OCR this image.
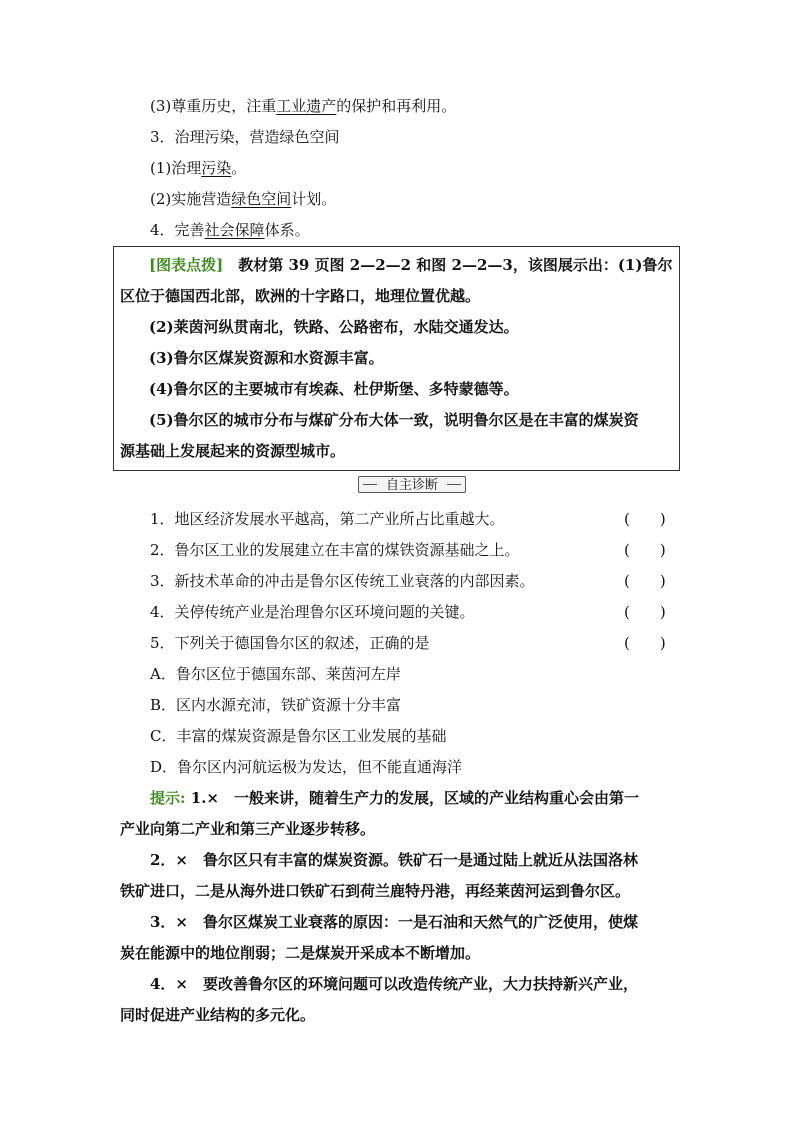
(3)尊重历史，注重工业遗产的保护和再利用。
3．治理污染，营造绿色空间
(1)治理污染。
(2)实施营造绿色空间计划。
4．完善社会保障体系。
[图表点拨]　 教材第 39 页图 2—2—2 和图 2—2—3，该图展示出：(1)鲁尔
区位于德国西北部，欧洲的十字路口，地理位置优越。
(2)莱茵河纵贯南北，铁路、公路密布，水陆交通发达。
(3)鲁尔区煤炭资源和水资源丰富。
(4)鲁尔区的主要城市有埃森、杜伊斯堡、多特蒙德等。
(5)鲁尔区的城市分布与煤矿分布大体一致，说明鲁尔区是在丰富的煤炭资
源基础上发展起来的资源型城市。
自主诊断
1．地区经济发展水平越高，第二产业所占比重越大。	(　　)
2．鲁尔区工业的发展建立在丰富的煤铁资源基础之上。	(　　)
3．新技术革命的冲击是鲁尔区传统工业衰落的内部因素。	(　　)
4．关停传统产业是治理鲁尔区环境问题的关键。	(　　)
5．下列关于德国鲁尔区的叙述，正确的是	(　　)
A．鲁尔区位于德国东部、莱茵河左岸
B．区内水源充沛，铁矿资源十分丰富
C．丰富的煤炭资源是鲁尔区工业发展的基础
D．鲁尔区内河航运极为发达，但不能直通海洋
提示: 1.×　一般来讲，随着生产力的发展，区域的产业结构重心会由第一
产业向第二产业和第三产业逐步转移。
2．×　鲁尔区只有丰富的煤炭资源。铁矿石一是通过陆上就近从法国洛林
铁矿进口，二是从海外进口铁矿石到荷兰鹿特丹港，再经莱茵河运到鲁尔区。
3．×　鲁尔区煤炭工业衰落的原因：一是石油和天然气的广泛使用，使煤
炭在能源中的地位削弱；二是煤炭开采成本不断增加。
4．×　要改善鲁尔区的环境问题可以改造传统产业，大力扶持新兴产业，
同时促进产业结构的多元化。
